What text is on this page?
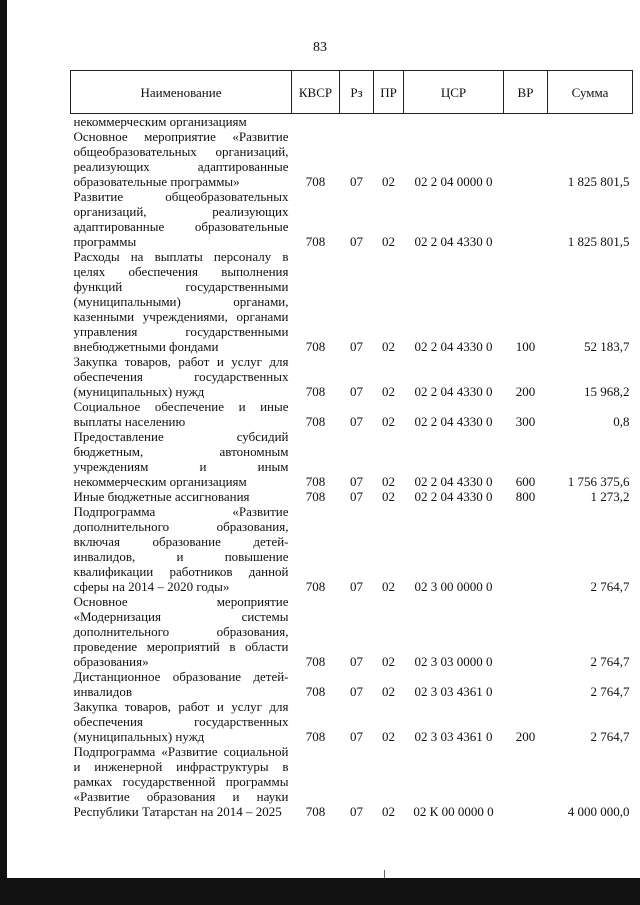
83
Наименование	КВСР	Рз	ПР	ЦСР	ВР	Сумма
некоммерческим организациям						
Основное мероприятие «Развитие общеобразовательных организаций, реализующих адаптированные образовательные программы»	708	07	02	02 2 04 0000 0		1 825 801,5
Развитие общеобразовательных организаций, реализующих адаптированные образовательные программы	708	07	02	02 2 04 4330 0		1 825 801,5
Расходы на выплаты персоналу в целях обеспечения выполнения функций государственными (муниципальными) органами, казенными учреждениями, органами управления государственными внебюджетными фондами	708	07	02	02 2 04 4330 0	100	52 183,7
Закупка товаров, работ и услуг для обеспечения государственных (муниципальных) нужд	708	07	02	02 2 04 4330 0	200	15 968,2
Социальное обеспечение и иные выплаты населению	708	07	02	02 2 04 4330 0	300	0,8
Предоставление субсидий бюджетным, автономным учреждениям и иным некоммерческим организациям	708	07	02	02 2 04 4330 0	600	1 756 375,6
Иные бюджетные ассигнования	708	07	02	02 2 04 4330 0	800	1 273,2
Подпрограмма «Развитие дополнительного образования, включая образование детей-инвалидов, и повышение квалификации работников данной сферы на 2014 – 2020 годы»	708	07	02	02 3 00 0000 0		2 764,7
Основное мероприятие «Модернизация системы дополнительного образования, проведение мероприятий в области образования»	708	07	02	02 3 03 0000 0		2 764,7
Дистанционное образование детей-инвалидов	708	07	02	02 3 03 4361 0		2 764,7
Закупка товаров, работ и услуг для обеспечения государственных (муниципальных) нужд	708	07	02	02 3 03 4361 0	200	2 764,7
Подпрограмма «Развитие социальной и инженерной инфраструктуры в рамках государственной программы «Развитие образования и науки Республики Татарстан на 2014 – 2025	708	07	02	02 К 00 0000 0		4 000 000,0
